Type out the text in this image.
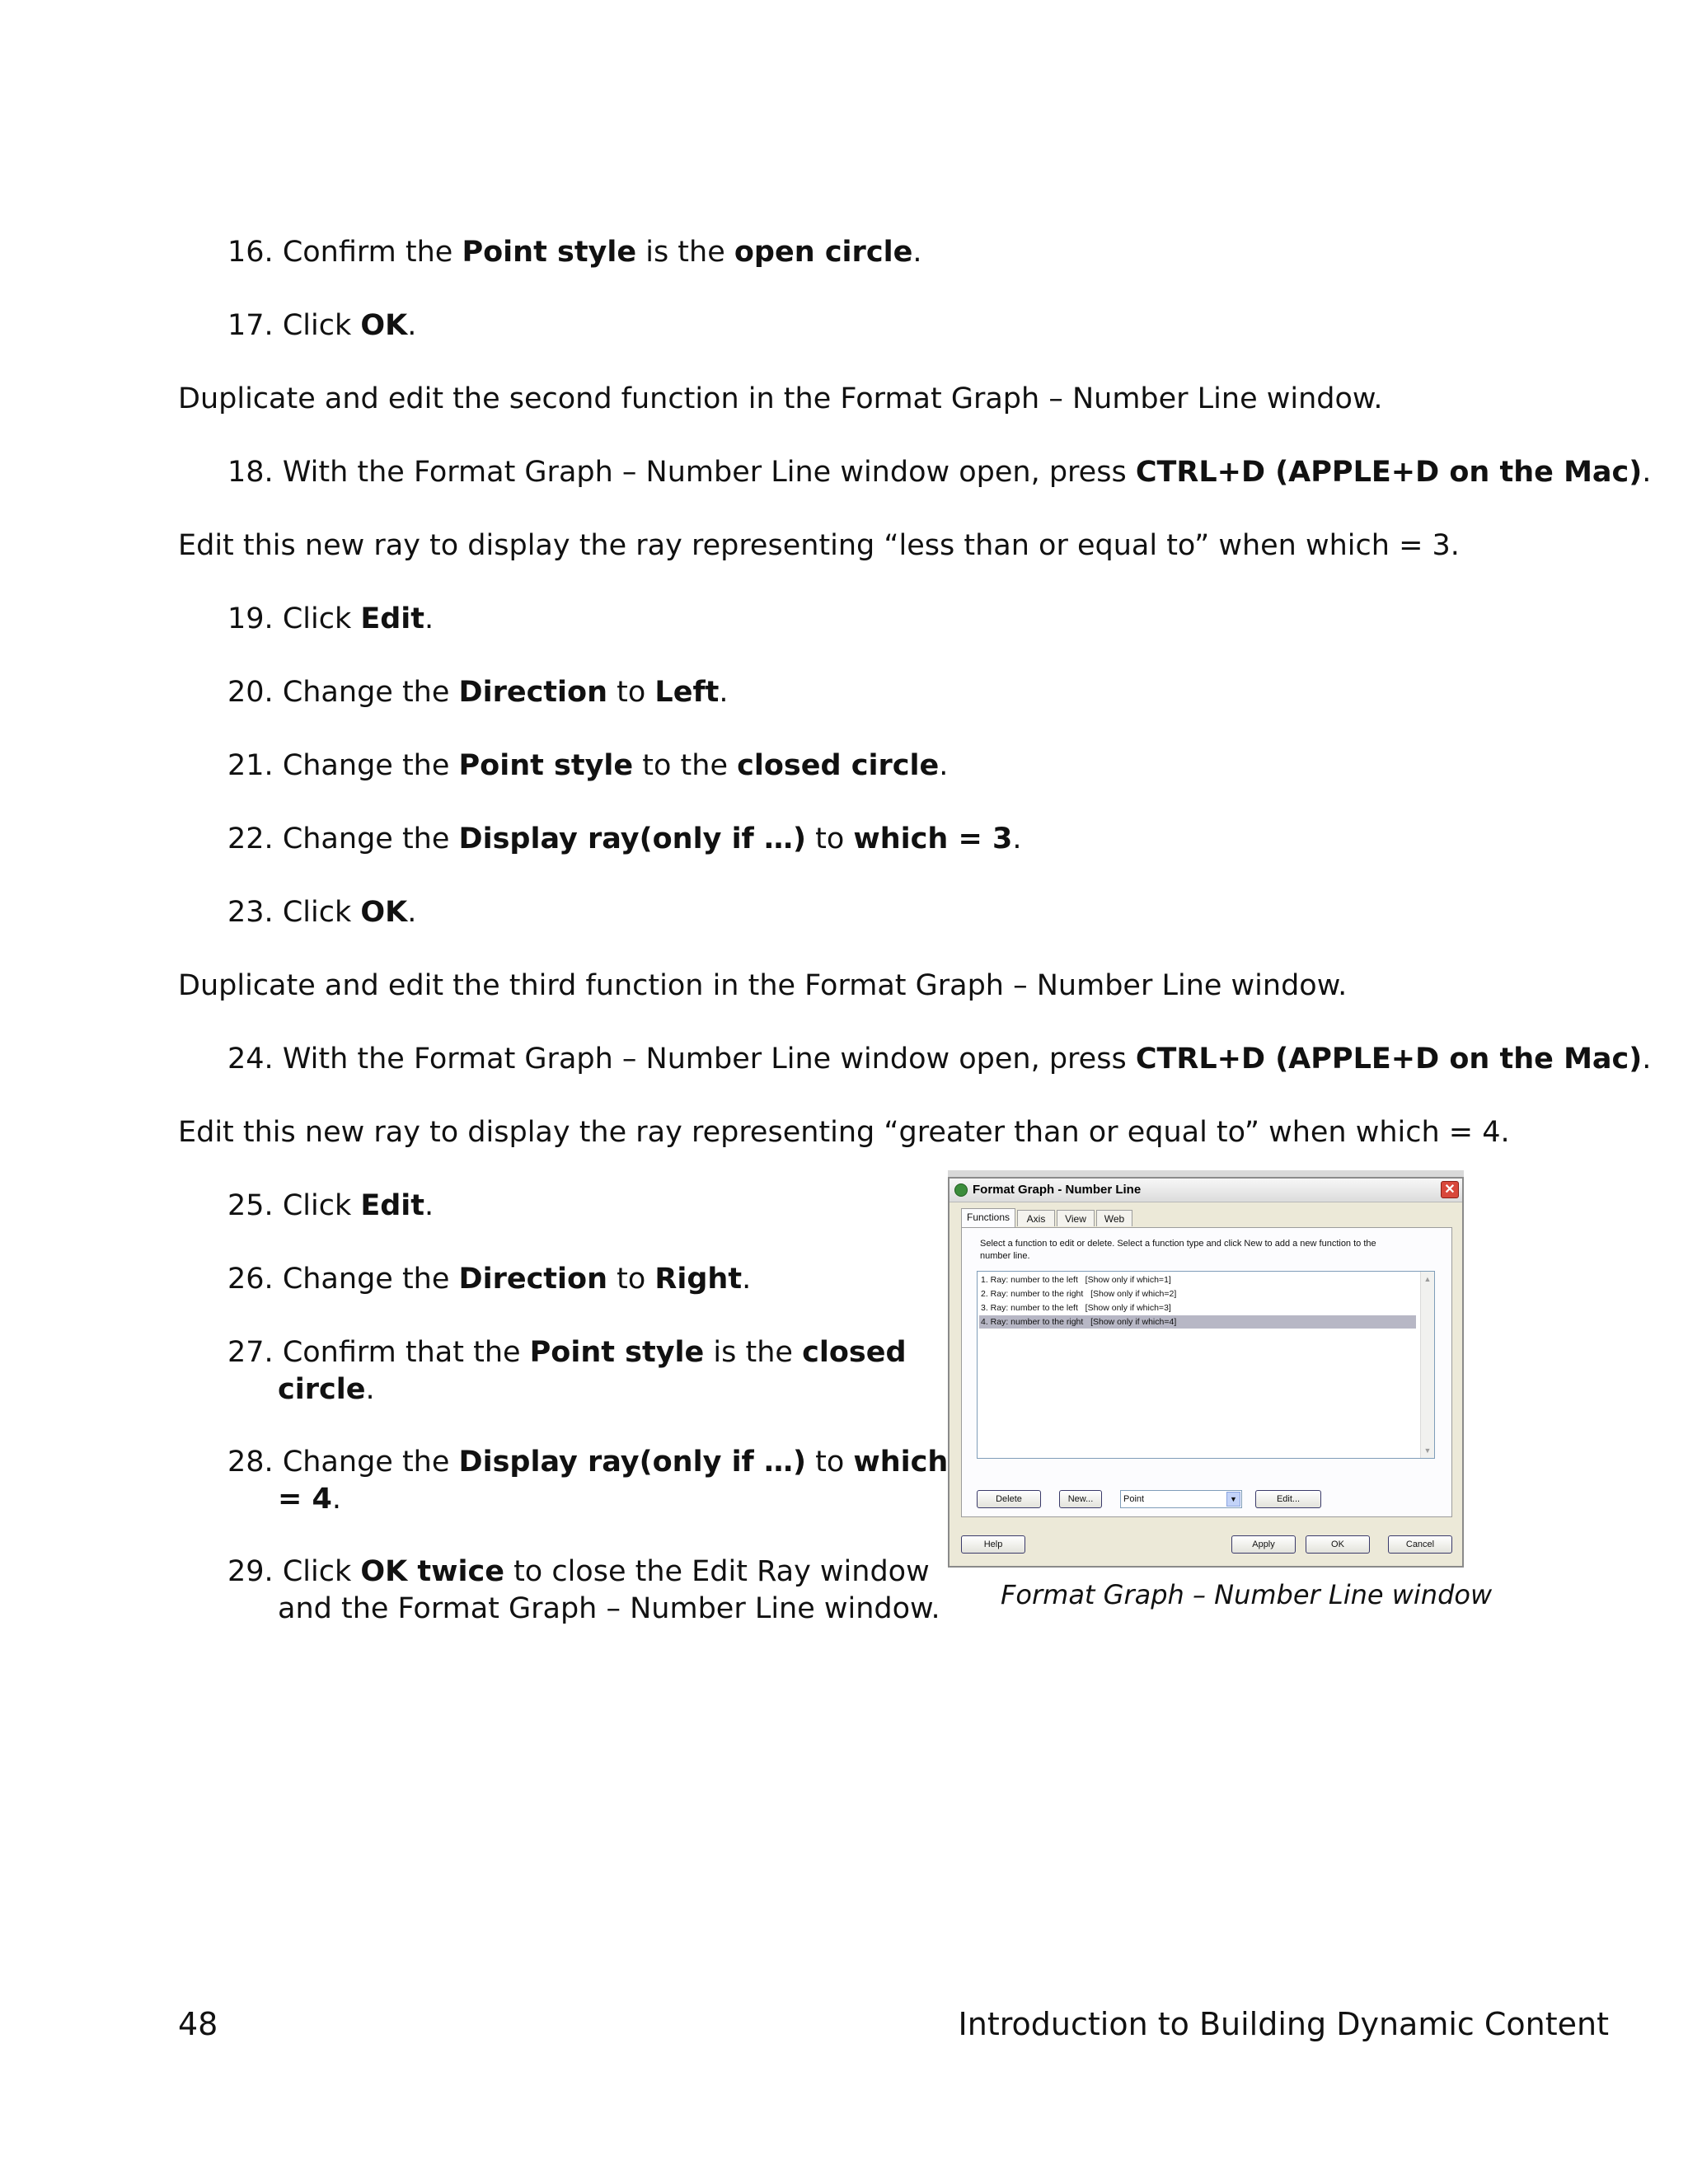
16. Confirm the Point style is the open circle.
17. Click OK.
Duplicate and edit the second function in the Format Graph – Number Line window.
18. With the Format Graph – Number Line window open, press CTRL+D (APPLE+D on the Mac).
Edit this new ray to display the ray representing “less than or equal to” when which = 3.
19. Click Edit.
20. Change the Direction to Left.
21. Change the Point style to the closed circle.
22. Change the Display ray(only if …) to which = 3.
23. Click OK.
Duplicate and edit the third function in the Format Graph – Number Line window.
24. With the Format Graph – Number Line window open, press CTRL+D (APPLE+D on the Mac).
Edit this new ray to display the ray representing “greater than or equal to” when which = 4.
25. Click Edit.
26. Change the Direction to Right.
27. Confirm that the Point style is the closed
circle.
28. Change the Display ray(only if …) to which
= 4.
29. Click OK twice to close the Edit Ray window
and the Format Graph – Number Line window.
Format Graph - Number Line	✕
Functions	Axis	View	Web
Select a function to edit or delete. Select a function type and click New to add a new function to the number line.
1. Ray: number to the left   [Show only if which=1]
2. Ray: number to the right   [Show only if which=2]
3. Ray: number to the left   [Show only if which=3]
4. Ray: number to the right   [Show only if which=4]
▲
▼
Delete	New...	Point	▼	Edit...
Help	Apply	OK	Cancel
Format Graph – Number Line window
48	Introduction to Building Dynamic Content
